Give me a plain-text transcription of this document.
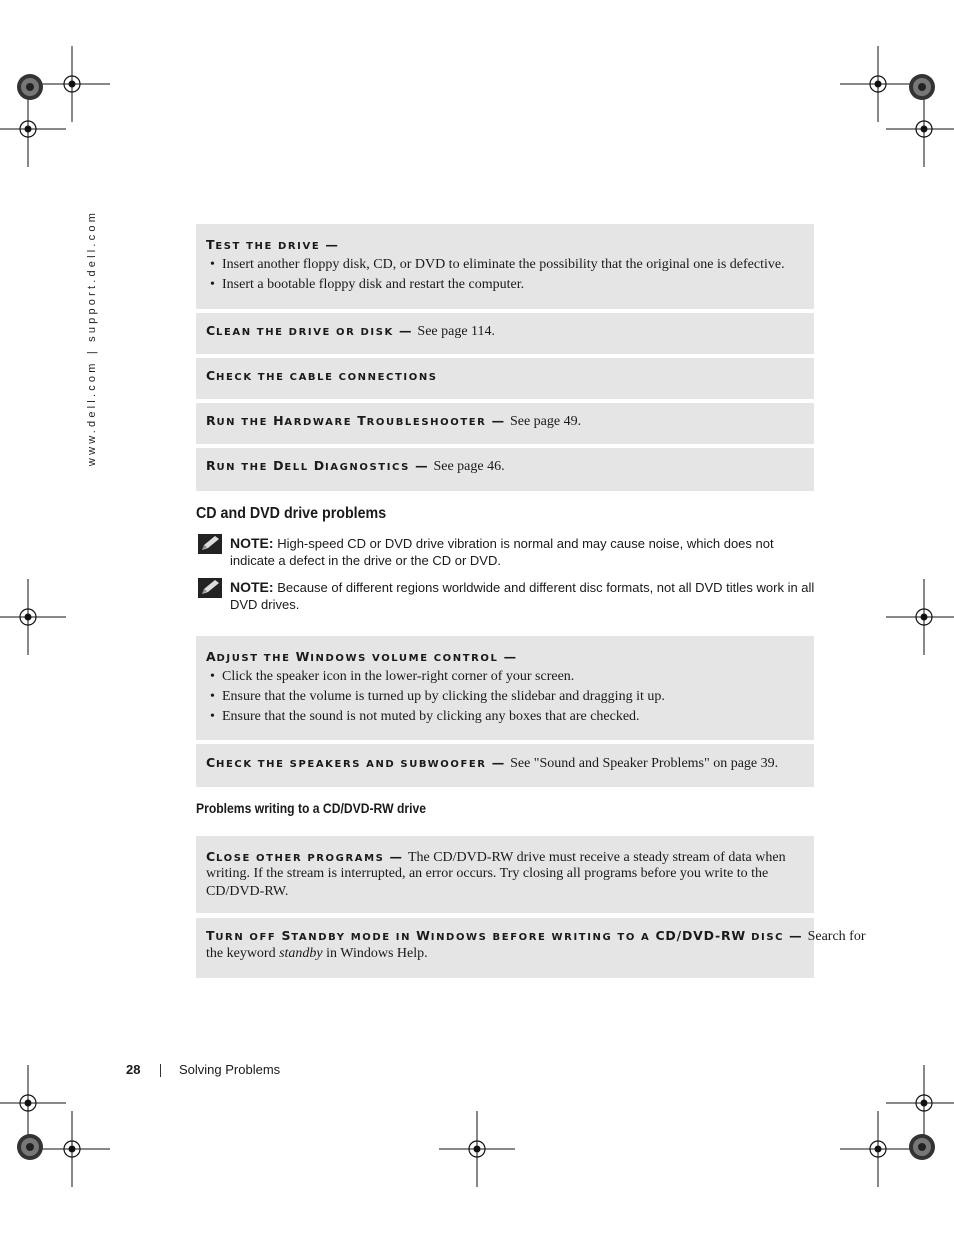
www.dell.com | support.dell.com	TEST THE DRIVE —
• Insert another floppy disk, CD, or DVD to eliminate the possibility that the original one is defective.
• Insert a bootable floppy disk and restart the computer.
CLEAN THE DRIVE OR DISK — See page 114.
CHECK THE CABLE CONNECTIONS
RUN THE HARDWARE TROUBLESHOOTER — See page 49.
RUN THE DELL DIAGNOSTICS — See page 46.
CD and DVD drive problems
NOTE: High-speed CD or DVD drive vibration is normal and may cause noise, which does not indicate a defect in the drive or the CD or DVD.
NOTE: Because of different regions worldwide and different disc formats, not all DVD titles work in all DVD drives.
ADJUST THE WINDOWS VOLUME CONTROL —
• Click the speaker icon in the lower-right corner of your screen.
• Ensure that the volume is turned up by clicking the slidebar and dragging it up.
• Ensure that the sound is not muted by clicking any boxes that are checked.
CHECK THE SPEAKERS AND SUBWOOFER — See "Sound and Speaker Problems" on page 39.
Problems writing to a CD/DVD-RW drive
CLOSE OTHER PROGRAMS — The CD/DVD-RW drive must receive a steady stream of data when
writing. If the stream is interrupted, an error occurs. Try closing all programs before you write to the CD/DVD-RW.
TURN OFF STANDBY MODE IN WINDOWS BEFORE WRITING TO A CD/DVD-RW DISC — Search for
the keyword standby in Windows Help.
28	Solving Problems
